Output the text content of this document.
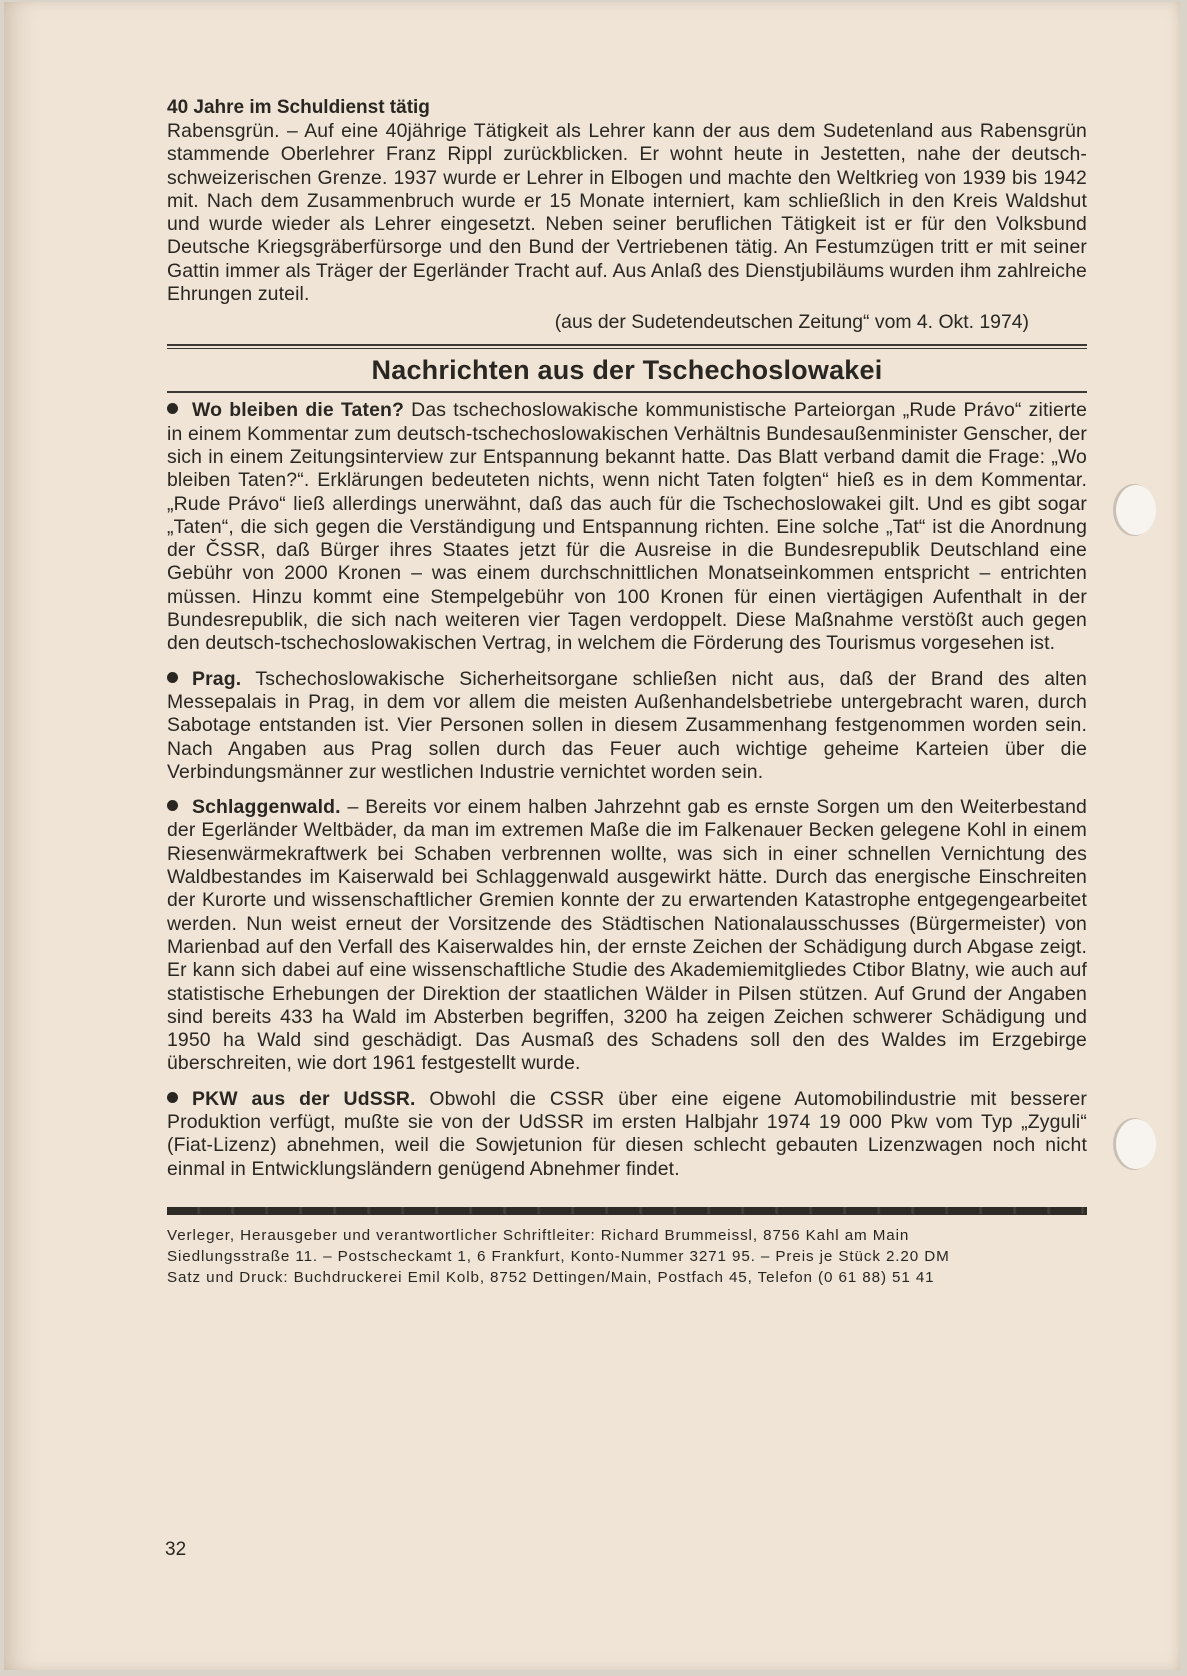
40 Jahre im Schuldienst tätig

Rabensgrün. – Auf eine 40jährige Tätigkeit als Lehrer kann der aus dem Sudetenland aus Rabensgrün stammende Oberlehrer Franz Rippl zurückblicken. Er wohnt heute in Jestetten, nahe der deutsch-schweizerischen Grenze. 1937 wurde er Lehrer in Elbogen und machte den Weltkrieg von 1939 bis 1942 mit. Nach dem Zusammenbruch wurde er 15 Monate interniert, kam schließlich in den Kreis Waldshut und wurde wieder als Lehrer eingesetzt. Neben seiner beruflichen Tätigkeit ist er für den Volksbund Deutsche Kriegsgräberfürsorge und den Bund der Vertriebenen tätig. An Festumzügen tritt er mit seiner Gattin immer als Träger der Egerländer Tracht auf. Aus Anlaß des Dienstjubiläums wurden ihm zahlreiche Ehrungen zuteil.

(aus der Sudetendeutschen Zeitung“ vom 4. Okt. 1974)

Nachrichten aus der Tschechoslowakei

Wo bleiben die Taten? Das tschechoslowakische kommunistische Parteiorgan „Rude Právo“ zitierte in einem Kommentar zum deutsch-tschechoslowakischen Verhältnis Bundesaußenminister Genscher, der sich in einem Zeitungsinterview zur Entspannung bekannt hatte. Das Blatt verband damit die Frage: „Wo bleiben Taten?“. Erklärungen bedeuteten nichts, wenn nicht Taten folgten“ hieß es in dem Kommentar. „Rude Právo“ ließ allerdings unerwähnt, daß das auch für die Tschechoslowakei gilt. Und es gibt sogar „Taten“, die sich gegen die Verständigung und Entspannung richten. Eine solche „Tat“ ist die Anordnung der ČSSR, daß Bürger ihres Staates jetzt für die Ausreise in die Bundesrepublik Deutschland eine Gebühr von 2000 Kronen – was einem durchschnittlichen Monatseinkommen entspricht – entrichten müssen. Hinzu kommt eine Stempelgebühr von 100 Kronen für einen viertägigen Aufenthalt in der Bundesrepublik, die sich nach weiteren vier Tagen verdoppelt. Diese Maßnahme verstößt auch gegen den deutsch-tschechoslowakischen Vertrag, in welchem die Förderung des Tourismus vorgesehen ist.

Prag. Tschechoslowakische Sicherheitsorgane schließen nicht aus, daß der Brand des alten Messepalais in Prag, in dem vor allem die meisten Außenhandelsbetriebe untergebracht waren, durch Sabotage entstanden ist. Vier Personen sollen in diesem Zusammenhang festgenommen worden sein. Nach Angaben aus Prag sollen durch das Feuer auch wichtige geheime Karteien über die Verbindungsmänner zur westlichen Industrie vernichtet worden sein.

Schlaggenwald. – Bereits vor einem halben Jahrzehnt gab es ernste Sorgen um den Weiterbestand der Egerländer Weltbäder, da man im extremen Maße die im Falkenauer Becken gelegene Kohl in einem Riesenwärmekraftwerk bei Schaben verbrennen wollte, was sich in einer schnellen Vernichtung des Waldbestandes im Kaiserwald bei Schlaggenwald ausgewirkt hätte. Durch das energische Einschreiten der Kurorte und wissenschaftlicher Gremien konnte der zu erwartenden Katastrophe entgegengearbeitet werden. Nun weist erneut der Vorsitzende des Städtischen Nationalausschusses (Bürgermeister) von Marienbad auf den Verfall des Kaiserwaldes hin, der ernste Zeichen der Schädigung durch Abgase zeigt. Er kann sich dabei auf eine wissenschaftliche Studie des Akademiemitgliedes Ctibor Blatny, wie auch auf statistische Erhebungen der Direktion der staatlichen Wälder in Pilsen stützen. Auf Grund der Angaben sind bereits 433 ha Wald im Absterben begriffen, 3200 ha zeigen Zeichen schwerer Schädigung und 1950 ha Wald sind geschädigt. Das Ausmaß des Schadens soll den des Waldes im Erzgebirge überschreiten, wie dort 1961 festgestellt wurde.

PKW aus der UdSSR. Obwohl die CSSR über eine eigene Automobilindustrie mit besserer Produktion verfügt, mußte sie von der UdSSR im ersten Halbjahr 1974 19 000 Pkw vom Typ „Zyguli“ (Fiat-Lizenz) abnehmen, weil die Sowjetunion für diesen schlecht gebauten Lizenzwagen noch nicht einmal in Entwicklungsländern genügend Abnehmer findet.

Verleger, Herausgeber und verantwortlicher Schriftleiter: Richard Brummeissl, 8756 Kahl am Main
Siedlungsstraße 11. – Postscheckamt 1, 6 Frankfurt, Konto-Nummer 3271 95. – Preis je Stück 2.20 DM
Satz und Druck: Buchdruckerei Emil Kolb, 8752 Dettingen/Main, Postfach 45, Telefon (0 61 88) 51 41
32
